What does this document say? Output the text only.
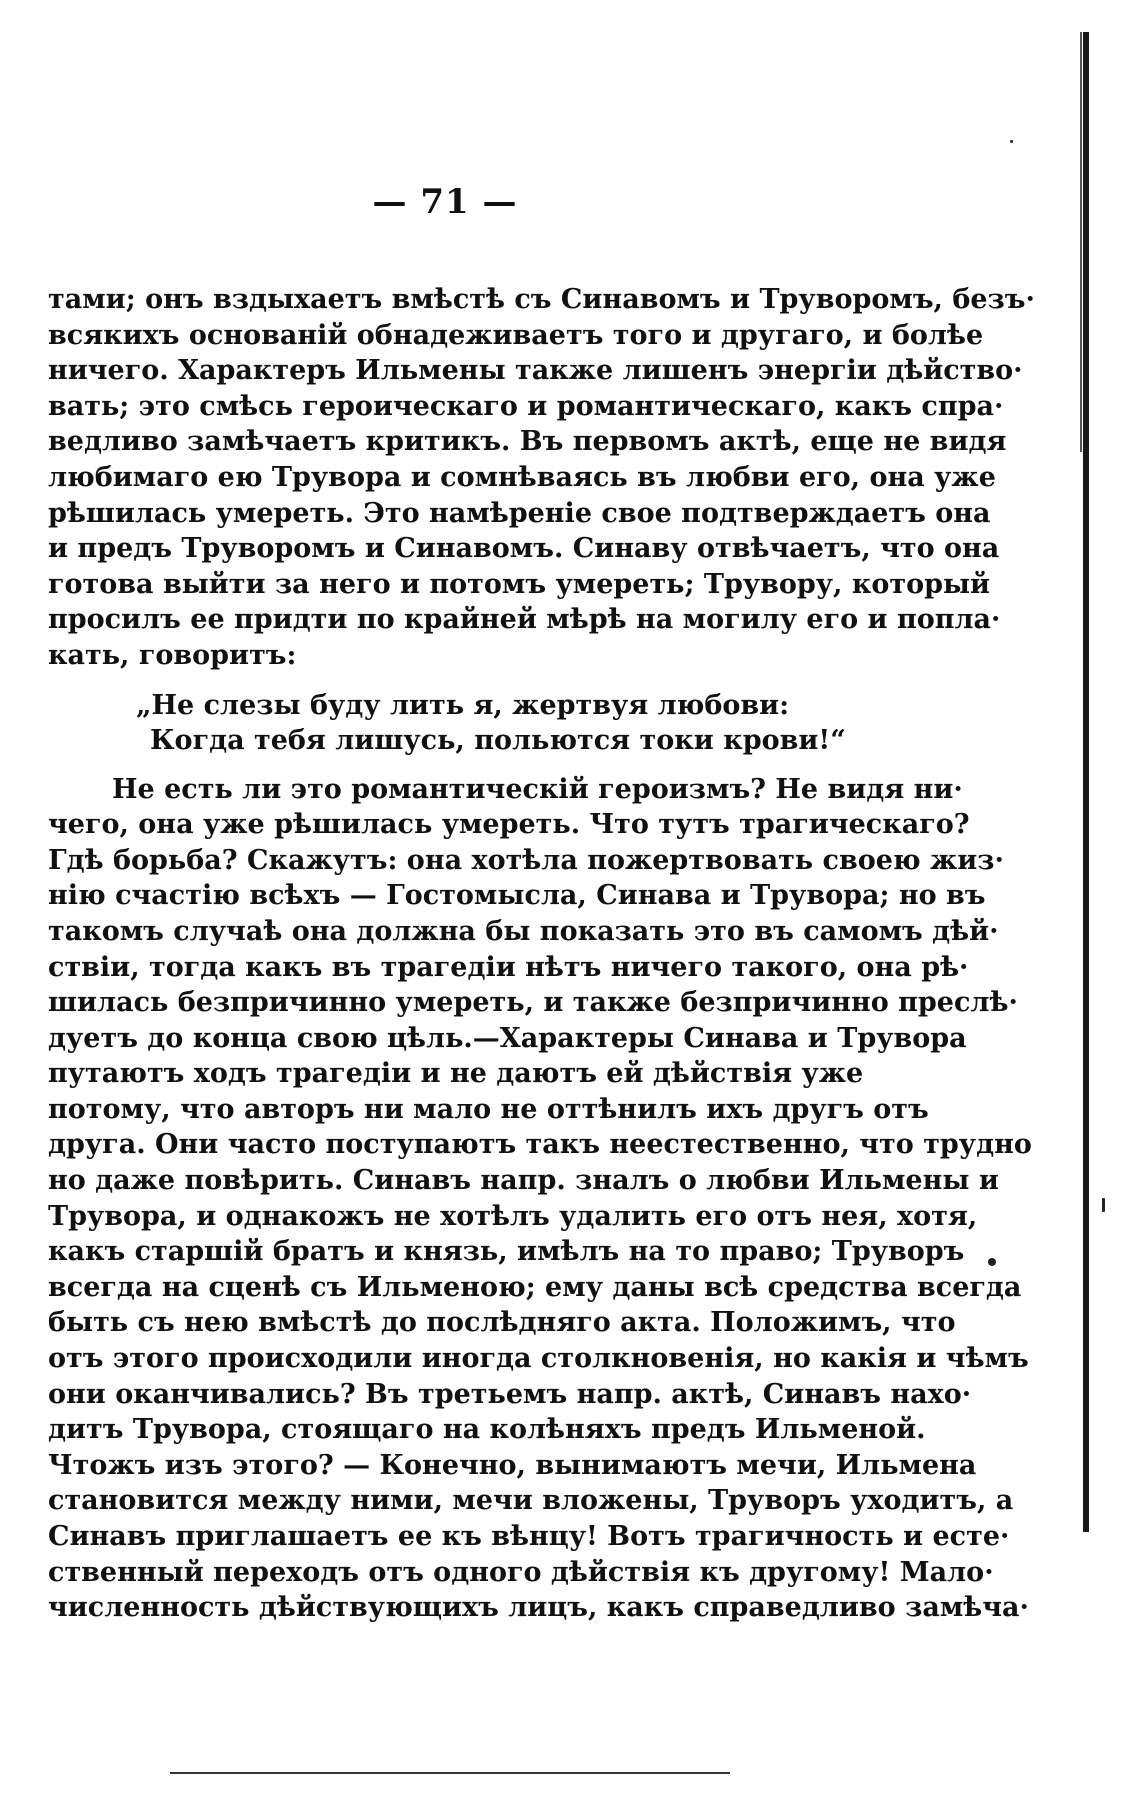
— 71 —
тами; онъ вздыхаетъ вмѣстѣ съ Синавомъ и Труворомъ, безъ·
всякихъ основаній обнадеживаетъ того и другаго, и болѣе
ничего. Характеръ Ильмены также лишенъ энергіи дѣйство·
вать; это смѣсь героическаго и романтическаго, какъ спра·
ведливо замѣчаетъ критикъ. Въ первомъ актѣ, еще не видя
любимаго ею Трувора и сомнѣваясь въ любви его, она уже
рѣшилась умереть. Это намѣреніе свое подтверждаетъ она
и предъ Труворомъ и Синавомъ. Синаву отвѣчаетъ, что она
готова выйти за него и потомъ умереть; Трувору, который
просилъ ее придти по крайней мѣрѣ на могилу его и попла·
кать, говоритъ:
„Не слезы буду лить я, жертвуя любови:
Когда тебя лишусь, польются токи крови!“
Не есть ли это романтическій героизмъ? Не видя ни·
чего, она уже рѣшилась умереть. Что тутъ трагическаго?
Гдѣ борьба? Скажутъ: она хотѣла пожертвовать своею жиз·
нію счастію всѣхъ — Гостомысла, Синава и Трувора; но въ
такомъ случаѣ она должна бы показать это въ самомъ дѣй·
ствіи, тогда какъ въ трагедіи нѣтъ ничего такого, она рѣ·
шилась безпричинно умереть, и также безпричинно преслѣ·
дуетъ до конца свою цѣль.—Характеры Синава и Трувора
путаютъ ходъ трагедіи и не даютъ ей дѣйствія уже
потому, что авторъ ни мало не оттѣнилъ ихъ другъ отъ
друга. Они часто поступаютъ такъ неестественно, что трудно
но даже повѣрить. Синавъ напр. зналъ о любви Ильмены и
Трувора, и однакожъ не хотѣлъ удалить его отъ нея, хотя,
какъ старшій братъ и князь, имѣлъ на то право; Труворъ
всегда на сценѣ съ Ильменою; ему даны всѣ средства всегда
быть съ нею вмѣстѣ до послѣдняго акта. Положимъ, что
отъ этого происходили иногда столкновенія, но какія и чѣмъ
они оканчивались? Въ третьемъ напр. актѣ, Синавъ нахо·
дитъ Трувора, стоящаго на колѣняхъ предъ Ильменой.
Чтожъ изъ этого? — Конечно, вынимаютъ мечи, Ильмена
становится между ними, мечи вложены, Труворъ уходитъ, а
Синавъ приглашаетъ ее къ вѣнцу! Вотъ трагичность и есте·
ственный переходъ отъ одного дѣйствія къ другому! Мало·
численность дѣйствующихъ лицъ, какъ справедливо замѣча·
